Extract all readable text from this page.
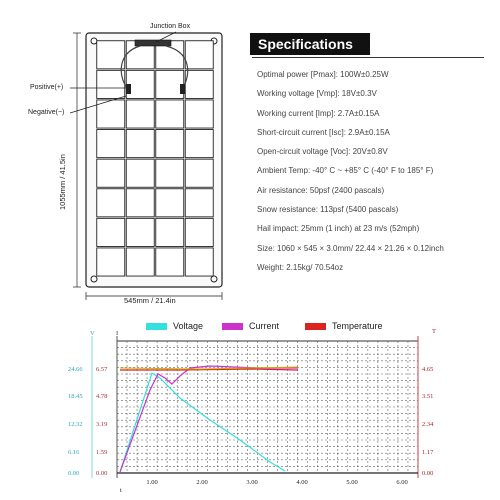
Junction Box
Positive(+)
Negative(−)
1055mm / 41.5in
545mm / 21.4in
Specifications
Optimal power [Pmax]: 100W±0.25W
Working voltage [Vmp]: 18V±0.3V
Working current [Imp]: 2.7A±0.15A
Short-circuit current [Isc]: 2.9A±0.15A
Open-circuit voltage [Voc]: 20V±0.8V
Ambient Temp: -40° C ~ +85° C (-40° F to 185° F)
Air resistance: 50psf (2400 pascals)
Snow resistance: 113psf (5400 pascals)
Hail impact: 25mm (1 inch) at 23 m/s (52mph)
Size: 1060 × 545 × 3.0mm/ 22.44 × 21.26 × 0.12inch
Weight: 2.15kg/ 70.54oz
Voltage	Current	Temperature
24.66
18.45
12.32
6.16
0.00
6.57
4.78
3.19
1.59
0.00
4.65
3.51
2.34
1.17
0.00
1.00	2.00	3.00	4.00	5.00	6.00
V	I	T
t
